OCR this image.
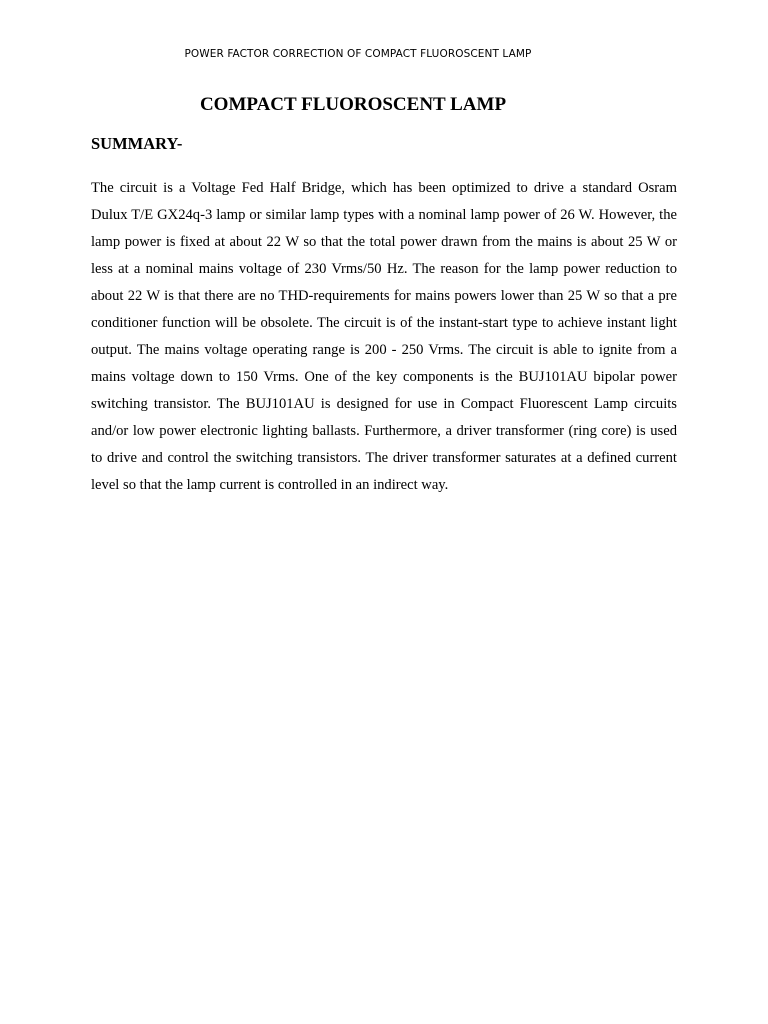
POWER FACTOR CORRECTION OF COMPACT FLUOROSCENT LAMP
COMPACT FLUOROSCENT LAMP
SUMMARY-

The circuit is a Voltage Fed Half Bridge, which has been optimized to drive a standard Osram Dulux T/E GX24q-3 lamp or similar lamp types with a nominal lamp power of 26 W. However, the lamp power is fixed at about 22 W so that the total power drawn from the mains is about 25 W or less at a nominal mains voltage of 230 Vrms/50 Hz. The reason for the lamp power reduction to about 22 W is that there are no THD-requirements for mains powers lower than 25 W so that a pre conditioner function will be obsolete. The circuit is of the instant-start type to achieve instant light output. The mains voltage operating range is 200 - 250 Vrms. The circuit is able to ignite from a mains voltage down to 150 Vrms. One of the key components is the BUJ101AU bipolar power switching transistor. The BUJ101AU is designed for use in Compact Fluorescent Lamp circuits and/or low power electronic lighting ballasts. Furthermore, a driver transformer (ring core) is used to drive and control the switching transistors. The driver transformer saturates at a defined current level so that the lamp current is controlled in an indirect way.
